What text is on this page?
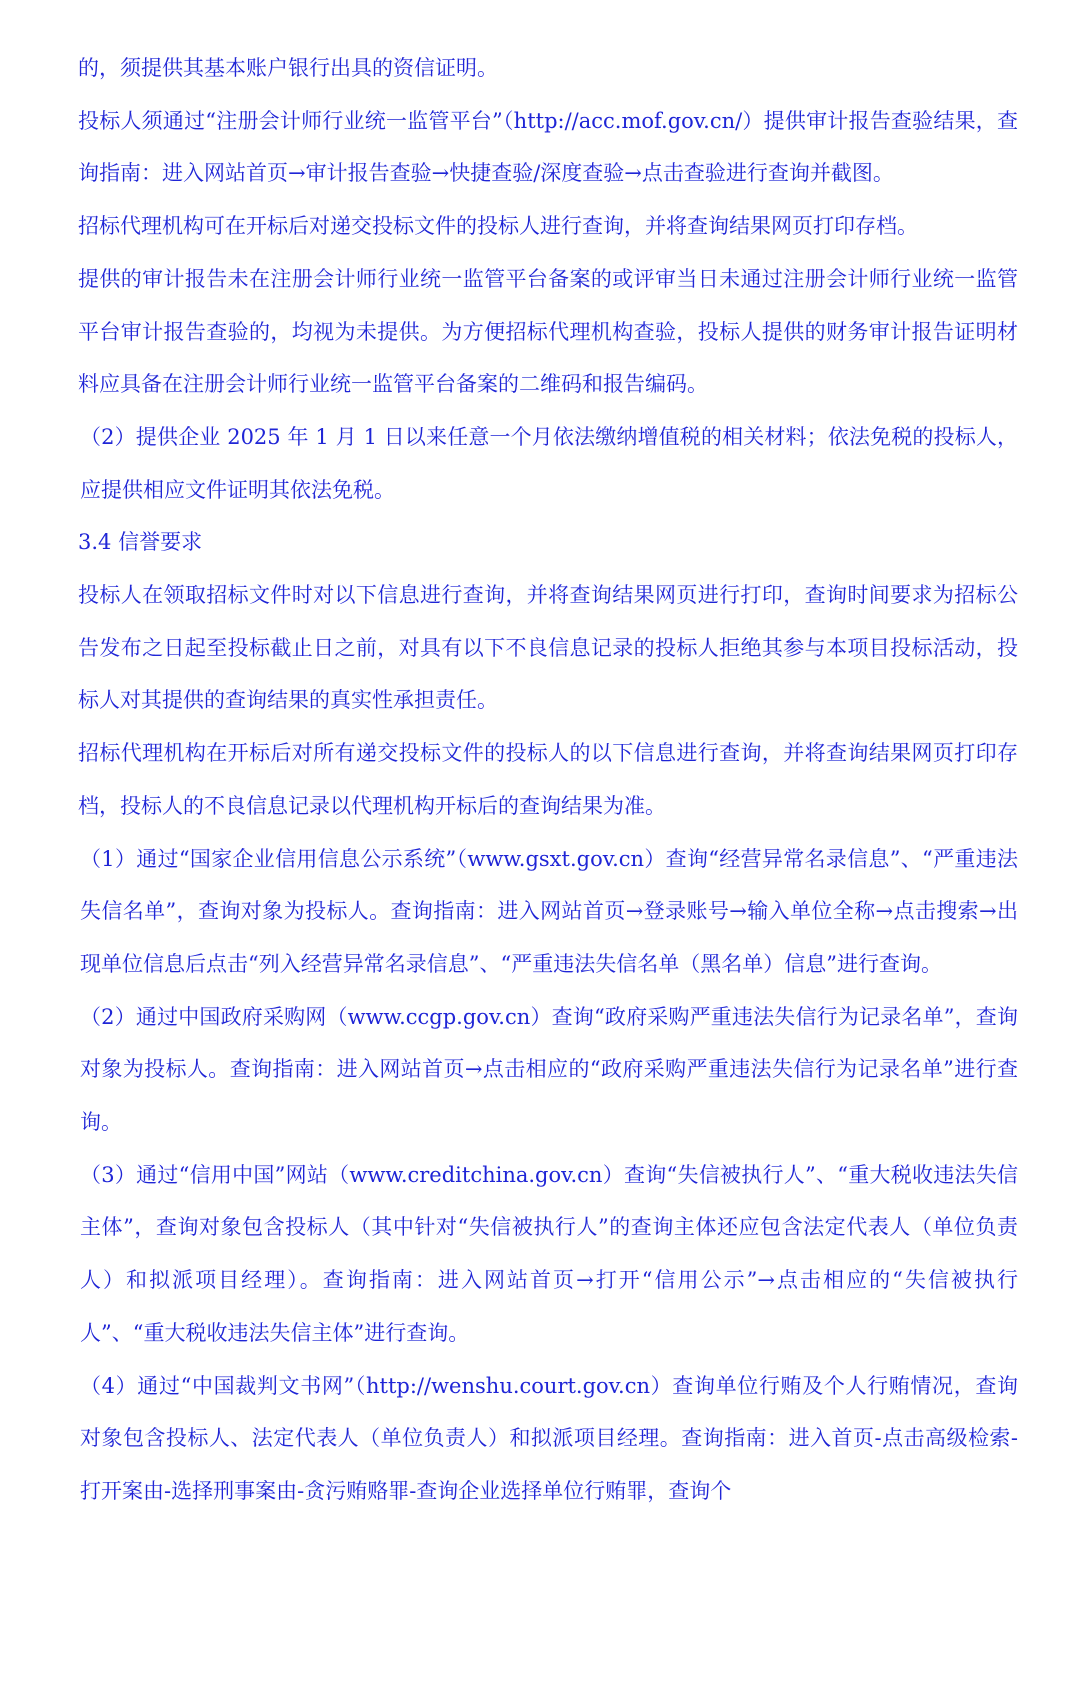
的，须提供其基本账户银行出具的资信证明。

投标人须通过“注册会计师行业统一监管平台”（http://acc.mof.gov.cn/）提供审计报告查验结果，查询指南：进入网站首页→审计报告查验→快捷查验/深度查验→点击查验进行查询并截图。

招标代理机构可在开标后对递交投标文件的投标人进行查询，并将查询结果网页打印存档。

提供的审计报告未在注册会计师行业统一监管平台备案的或评审当日未通过注册会计师行业统一监管平台审计报告查验的，均视为未提供。为方便招标代理机构查验，投标人提供的财务审计报告证明材料应具备在注册会计师行业统一监管平台备案的二维码和报告编码。

（2）提供企业 2025 年 1 月 1 日以来任意一个月依法缴纳增值税的相关材料；依法免税的投标人，应提供相应文件证明其依法免税。

3.4 信誉要求

投标人在领取招标文件时对以下信息进行查询，并将查询结果网页进行打印，查询时间要求为招标公告发布之日起至投标截止日之前，对具有以下不良信息记录的投标人拒绝其参与本项目投标活动，投标人对其提供的查询结果的真实性承担责任。

招标代理机构在开标后对所有递交投标文件的投标人的以下信息进行查询，并将查询结果网页打印存档，投标人的不良信息记录以代理机构开标后的查询结果为准。

（1）通过“国家企业信用信息公示系统”（www.gsxt.gov.cn）查询“经营异常名录信息”、“严重违法失信名单”，查询对象为投标人。查询指南：进入网站首页→登录账号→输入单位全称→点击搜索→出现单位信息后点击“列入经营异常名录信息”、“严重违法失信名单（黑名单）信息”进行查询。

（2）通过中国政府采购网（www.ccgp.gov.cn）查询“政府采购严重违法失信行为记录名单”，查询对象为投标人。查询指南：进入网站首页→点击相应的“政府采购严重违法失信行为记录名单”进行查询。

（3）通过“信用中国”网站（www.creditchina.gov.cn）查询“失信被执行人”、“重大税收违法失信主体”，查询对象包含投标人（其中针对“失信被执行人”的查询主体还应包含法定代表人（单位负责人）和拟派项目经理）。查询指南：进入网站首页→打开“信用公示”→点击相应的“失信被执行人”、“重大税收违法失信主体”进行查询。

（4）通过“中国裁判文书网”（http://wenshu.court.gov.cn）查询单位行贿及个人行贿情况，查询对象包含投标人、法定代表人（单位负责人）和拟派项目经理。查询指南：进入首页-点击高级检索-打开案由-选择刑事案由-贪污贿赂罪-查询企业选择单位行贿罪，查询个
